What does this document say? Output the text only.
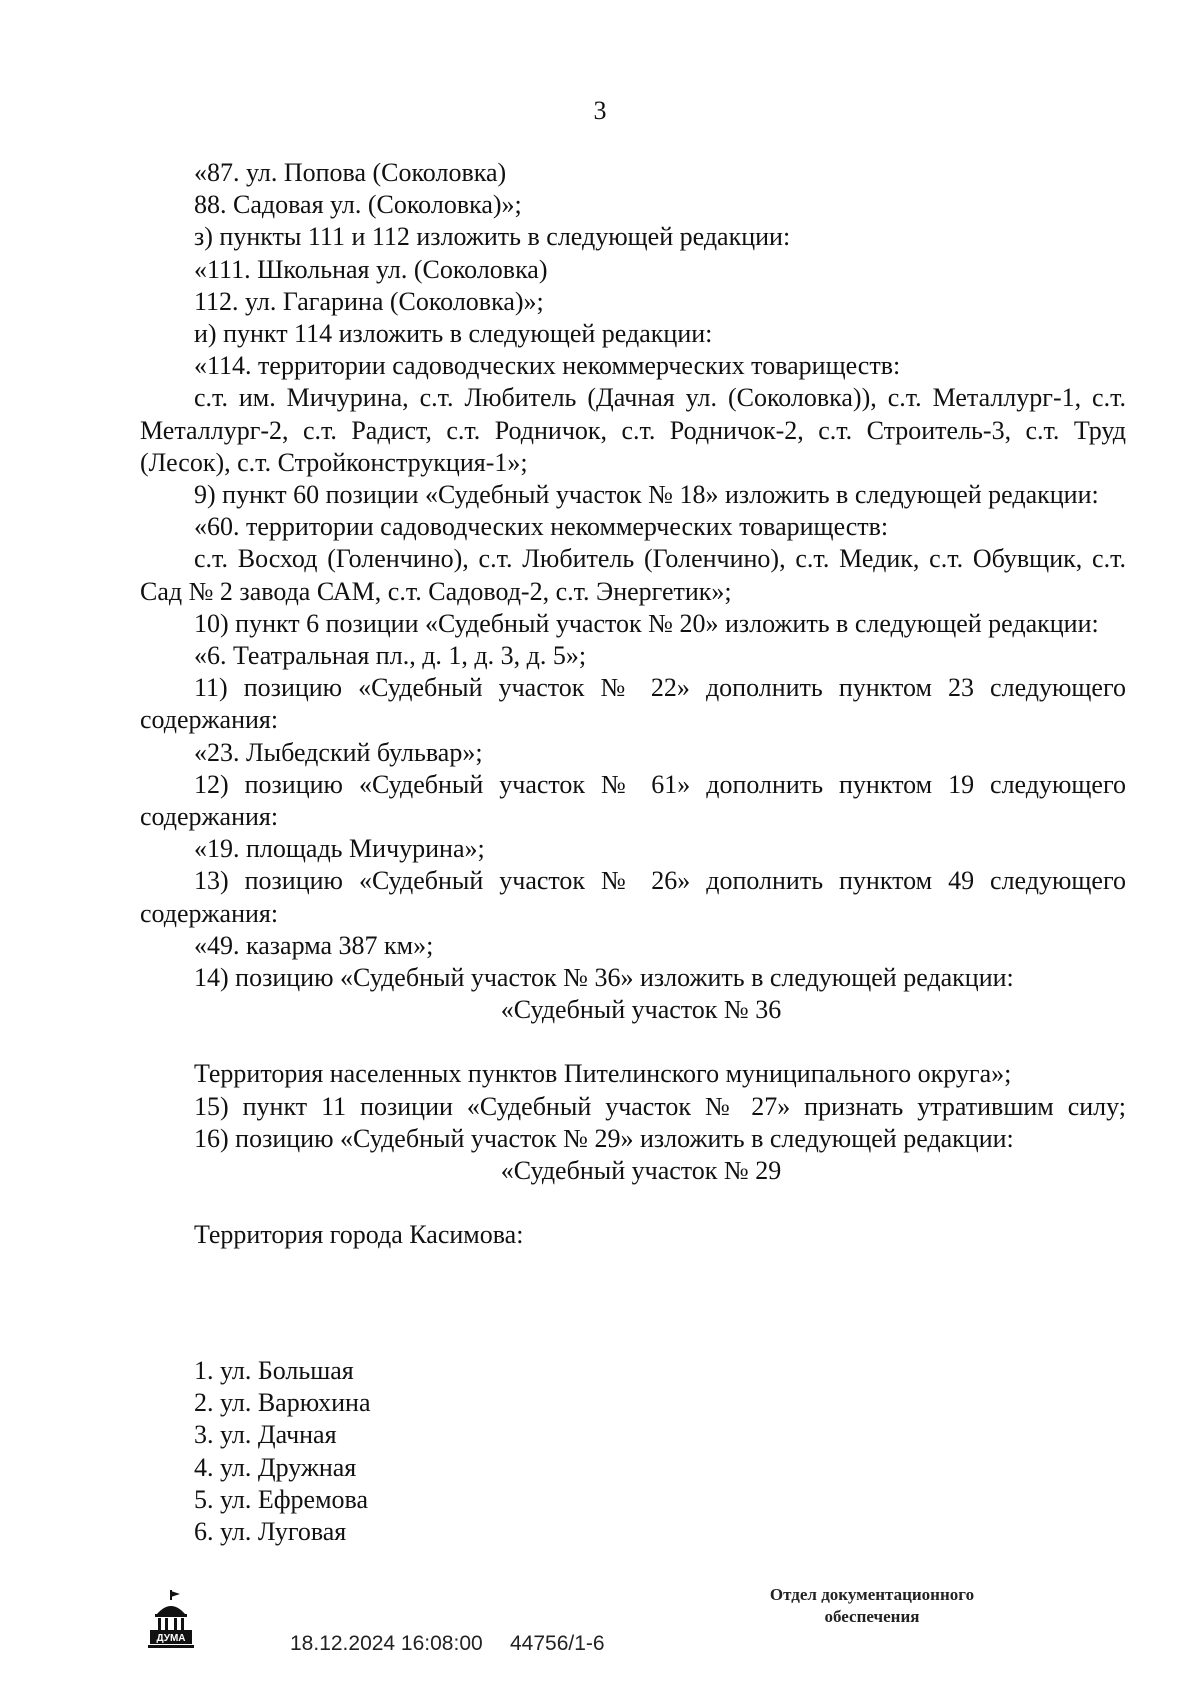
3

«87. ул. Попова (Соколовка)

88. Садовая ул. (Соколовка)»;

з) пункты 111 и 112 изложить в следующей редакции:

«111. Школьная ул. (Соколовка)

112. ул. Гагарина (Соколовка)»;

и) пункт 114 изложить в следующей редакции:

«114. территории садоводческих некоммерческих товариществ:

с.т. им. Мичурина, с.т. Любитель (Дачная ул. (Соколовка)), с.т. Металлург-1, с.т. Металлург-2, с.т. Радист, с.т. Родничок, с.т. Родничок-2, с.т. Строитель-3, с.т. Труд (Лесок), с.т. Стройконструкция-1»;

9) пункт 60 позиции «Судебный участок № 18» изложить в следующей редакции:

«60. территории садоводческих некоммерческих товариществ:

с.т. Восход (Голенчино), с.т. Любитель (Голенчино), с.т. Медик, с.т. Обувщик, с.т. Сад № 2 завода САМ, с.т. Садовод-2, с.т. Энергетик»;

10) пункт 6 позиции «Судебный участок № 20» изложить в следующей редакции:

«6. Театральная пл., д. 1, д. 3, д. 5»;

11) позицию «Судебный участок № 22» дополнить пунктом 23 следующего содержания:

«23. Лыбедский бульвар»;

12) позицию «Судебный участок № 61» дополнить пунктом 19 следующего содержания:

«19. площадь Мичурина»;

13) позицию «Судебный участок № 26» дополнить пунктом 49 следующего содержания:

«49. казарма 387 км»;

14) позицию «Судебный участок № 36» изложить в следующей редакции:

«Судебный участок № 36

Территория населенных пунктов Пителинского муниципального округа»;

15) пункт 11 позиции «Судебный участок № 27» признать утратившим силу;

16) позицию «Судебный участок № 29» изложить в следующей редакции:

«Судебный участок № 29

Территория города Касимова:

1. ул. Большая

2. ул. Варюхина

3. ул. Дачная

4. ул. Дружная

5. ул. Ефремова

6. ул. Луговая

ДУМА	18.12.2024 16:08:00 44756/1-6
Отдел документационного
обеспечения
